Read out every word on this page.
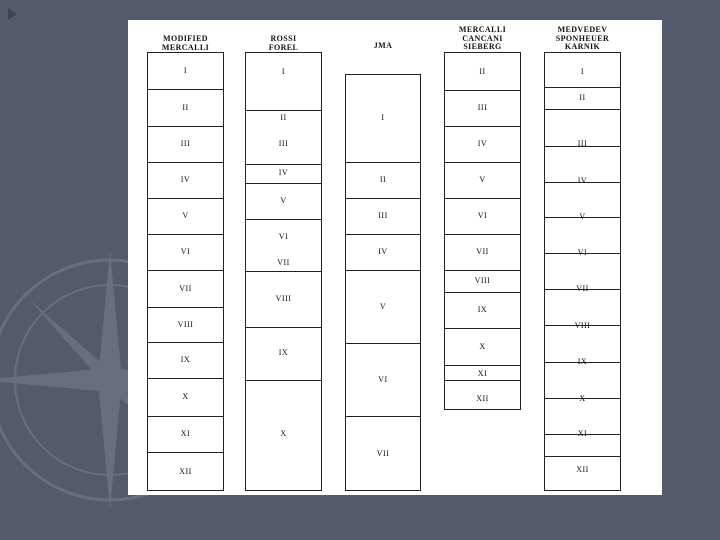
MODIFIED
MERCALLI
I
II
III
IV
V
VI
VII
VIII
IX
X
XI
XII
ROSSI
FOREL
I
II
III
IV
V
VI
VII
VIII
IX
X
JMA
I
II
III
IV
V
VI
VII
MERCALLI
CANCANI
SIEBERG
II
III
IV
V
VI
VII
VIII
IX
X
XI
XII
MEDVEDEV
SPONHEUER
KARNIK
I
II
III
IV
V
VI
VII
VIII
IX
X
XI
XII
